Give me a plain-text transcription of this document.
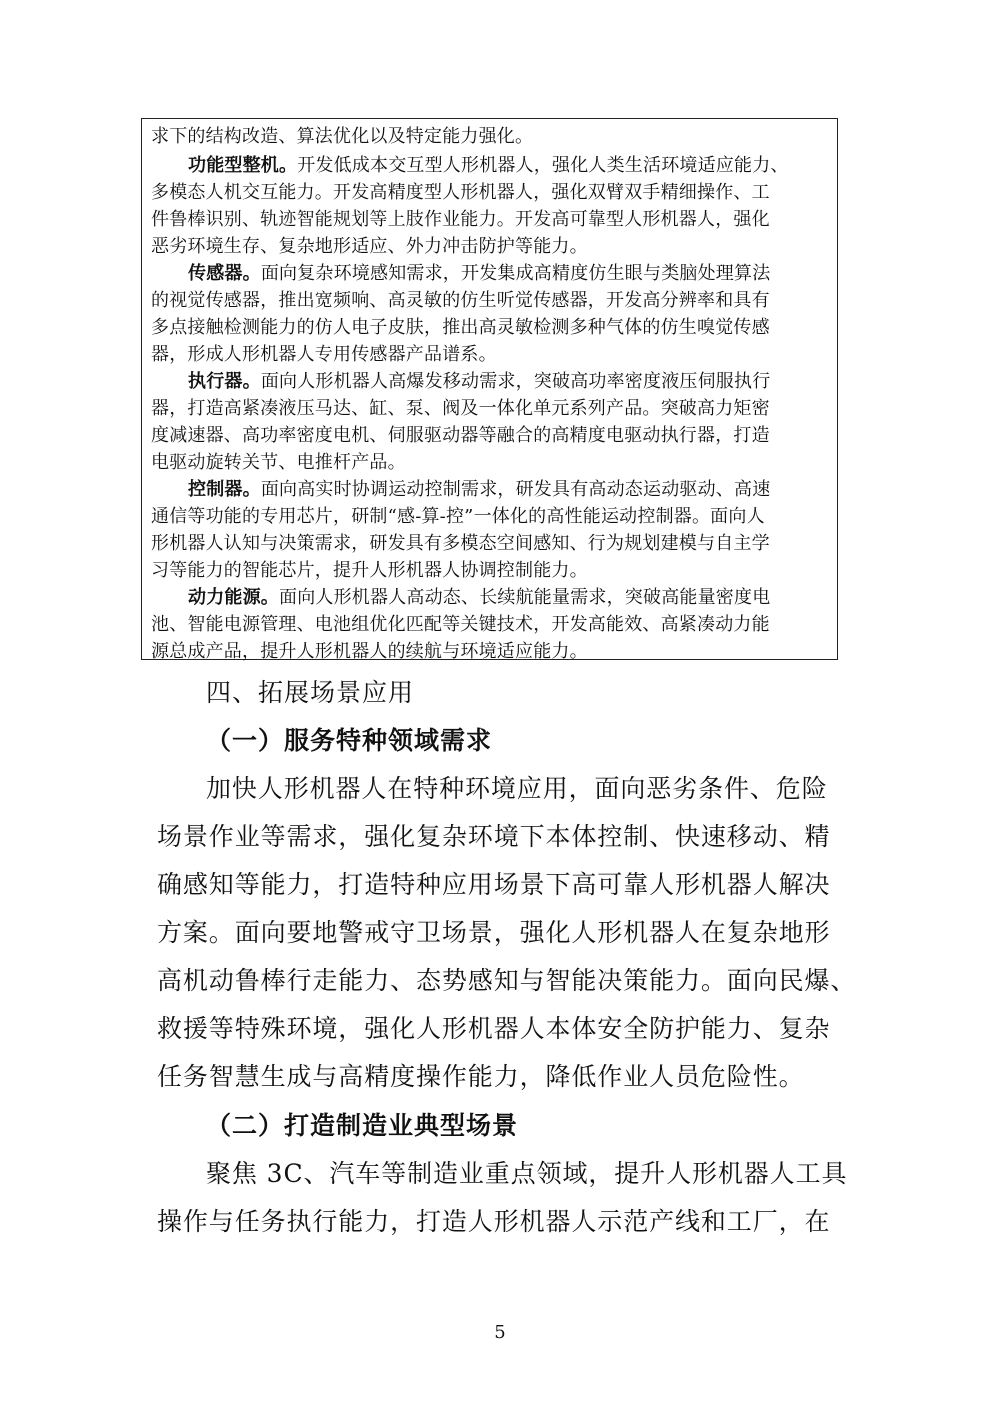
求下的结构改造、算法优化以及特定能力强化。
功能型整机。开发低成本交互型人形机器人，强化人类生活环境适应能力、
多模态人机交互能力。开发高精度型人形机器人，强化双臂双手精细操作、工
件鲁棒识别、轨迹智能规划等上肢作业能力。开发高可靠型人形机器人，强化
恶劣环境生存、复杂地形适应、外力冲击防护等能力。
传感器。面向复杂环境感知需求，开发集成高精度仿生眼与类脑处理算法
的视觉传感器，推出宽频响、高灵敏的仿生听觉传感器，开发高分辨率和具有
多点接触检测能力的仿人电子皮肤，推出高灵敏检测多种气体的仿生嗅觉传感
器，形成人形机器人专用传感器产品谱系。
执行器。面向人形机器人高爆发移动需求，突破高功率密度液压伺服执行
器，打造高紧凑液压马达、缸、泵、阀及一体化单元系列产品。突破高力矩密
度减速器、高功率密度电机、伺服驱动器等融合的高精度电驱动执行器，打造
电驱动旋转关节、电推杆产品。
控制器。面向高实时协调运动控制需求，研发具有高动态运动驱动、高速
通信等功能的专用芯片，研制“感-算-控”一体化的高性能运动控制器。面向人
形机器人认知与决策需求，研发具有多模态空间感知、行为规划建模与自主学
习等能力的智能芯片，提升人形机器人协调控制能力。
动力能源。面向人形机器人高动态、长续航能量需求，突破高能量密度电
池、智能电源管理、电池组优化匹配等关键技术，开发高能效、高紧凑动力能
源总成产品，提升人形机器人的续航与环境适应能力。
四、拓展场景应用
（一）服务特种领域需求
加快人形机器人在特种环境应用，面向恶劣条件、危险
场景作业等需求，强化复杂环境下本体控制、快速移动、精
确感知等能力，打造特种应用场景下高可靠人形机器人解决
方案。面向要地警戒守卫场景，强化人形机器人在复杂地形
高机动鲁棒行走能力、态势感知与智能决策能力。面向民爆、
救援等特殊环境，强化人形机器人本体安全防护能力、复杂
任务智慧生成与高精度操作能力，降低作业人员危险性。
（二）打造制造业典型场景
聚焦 3C、汽车等制造业重点领域，提升人形机器人工具
操作与任务执行能力，打造人形机器人示范产线和工厂，在
5
